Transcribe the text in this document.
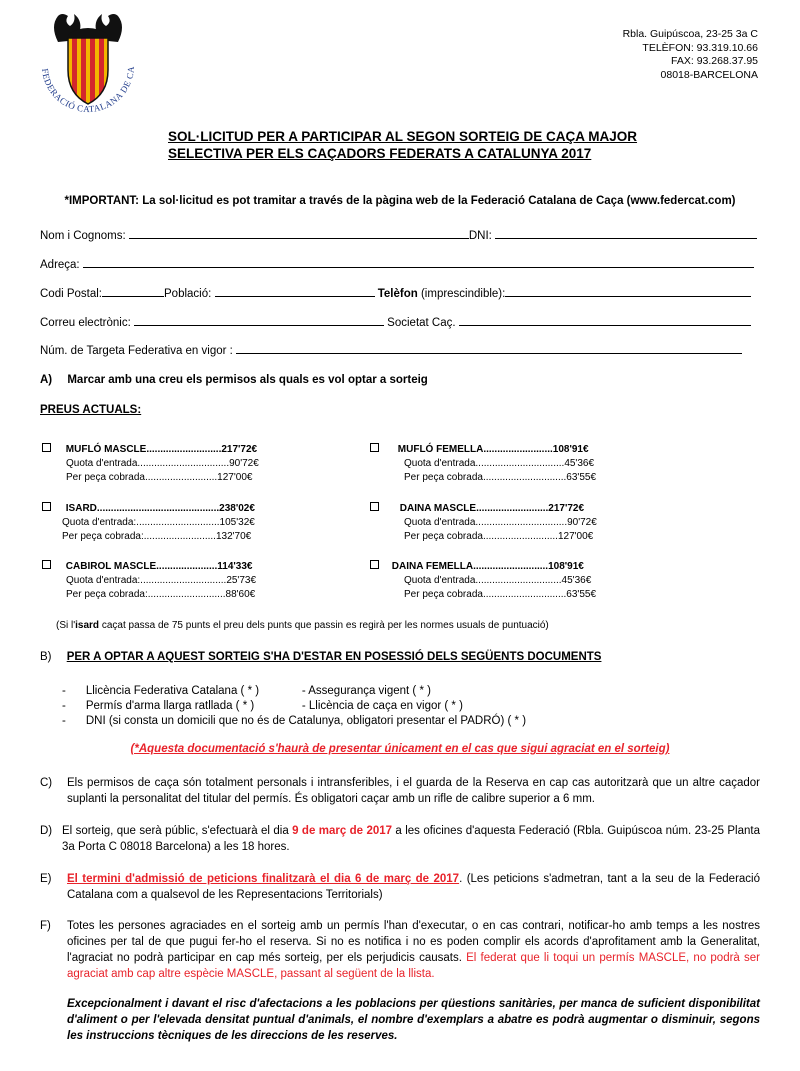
FEDERACIÓ CATALANA DE CA
Rbla. Guipúscoa, 23-25 3a C
TELÈFON: 93.319.10.66
FAX: 93.268.37.95
08018-BARCELONA
SOL·LICITUD PER A PARTICIPAR AL SEGON SORTEIG DE CAÇA MAJOR
SELECTIVA PER ELS CAÇADORS FEDERATS A CATALUNYA 2017
*IMPORTANT: La sol·licitud es pot tramitar a través de la pàgina web de la Federació Catalana de Caça (www.federcat.com)
Nom i Cognoms:	DNI:
Adreça:
Codi Postal:	Població:	Telèfon (imprescindible):
Correu electrònic:	Societat Caç.
Núm. de Targeta Federativa en vigor :
A) Marcar amb una creu els permisos als quals es vol optar a sorteig
PREUS ACTUALS:
MUFLÓ MASCLE...........................217'72€
Quota d'entrada.................................90'72€
Per peça cobrada..........................127'00€
MUFLÓ FEMELLA.........................108'91€
Quota d'entrada................................45'36€
Per peça cobrada..............................63'55€
ISARD............................................238'02€
Quota d'entrada:..............................105'32€
Per peça cobrada:..........................132'70€
DAINA MASCLE..........................217'72€
Quota d'entrada.................................90'72€
Per peça cobrada...........................127'00€
CABIROL MASCLE......................114'33€
Quota d'entrada:...............................25'73€
Per peça cobrada:............................88'60€
DAINA FEMELLA...........................108'91€
Quota d'entrada...............................45'36€
Per peça cobrada..............................63'55€
(Si l'isard caçat passa de 75 punts el preu dels punts que passin es regirà per les normes usuals de puntuació)
B) PER A OPTAR A AQUEST SORTEIG S'HA D'ESTAR EN POSESSIÓ DELS SEGÜENTS DOCUMENTS
- Llicència Federativa Catalana ( * )	- Assegurança vigent ( * )
- Permís d'arma llarga ratllada ( * )	- Llicència de caça en vigor ( * )
- DNI (si consta un domicili que no és de Catalunya, obligatori presentar el PADRÓ) ( * )
(*Aquesta documentació s'haurà de presentar únicament en el cas que sigui agraciat en el sorteig)
C) Els permisos de caça són totalment personals i intransferibles, i el guarda de la Reserva en cap cas autoritzarà que un altre caçador suplanti la personalitat del titular del permís. És obligatori caçar amb un rifle de calibre superior a 6 mm.
D) El sorteig, que serà públic, s'efectuarà el dia 9 de març de 2017 a les oficines d'aquesta Federació (Rbla. Guipúscoa núm. 23-25 Planta 3a Porta C 08018 Barcelona) a les 18 hores.
E) El termini d'admissió de peticions finalitzarà el dia 6 de març de 2017. (Les peticions s'admetran, tant a la seu de la Federació Catalana com a qualsevol de les Representacions Territorials)
F) Totes les persones agraciades en el sorteig amb un permís l'han d'executar, o en cas contrari, notificar-ho amb temps a les nostres oficines per tal de que pugui fer-ho el reserva. Si no es notifica i no es poden complir els acords d'aprofitament amb la Generalitat, l'agraciat no podrà participar en cap més sorteig, per els perjudicis causats. El federat que li toqui un permís MASCLE, no podrà ser agraciat amb cap altre espècie MASCLE, passant al següent de la llista.
Excepcionalment i davant el risc d'afectacions a les poblacions per qüestions sanitàries, per manca de suficient disponibilitat d'aliment o per l'elevada densitat puntual d'animals, el nombre d'exemplars a abatre es podrà augmentar o disminuir, segons les instruccions tècniques de les direccions de les reserves.
